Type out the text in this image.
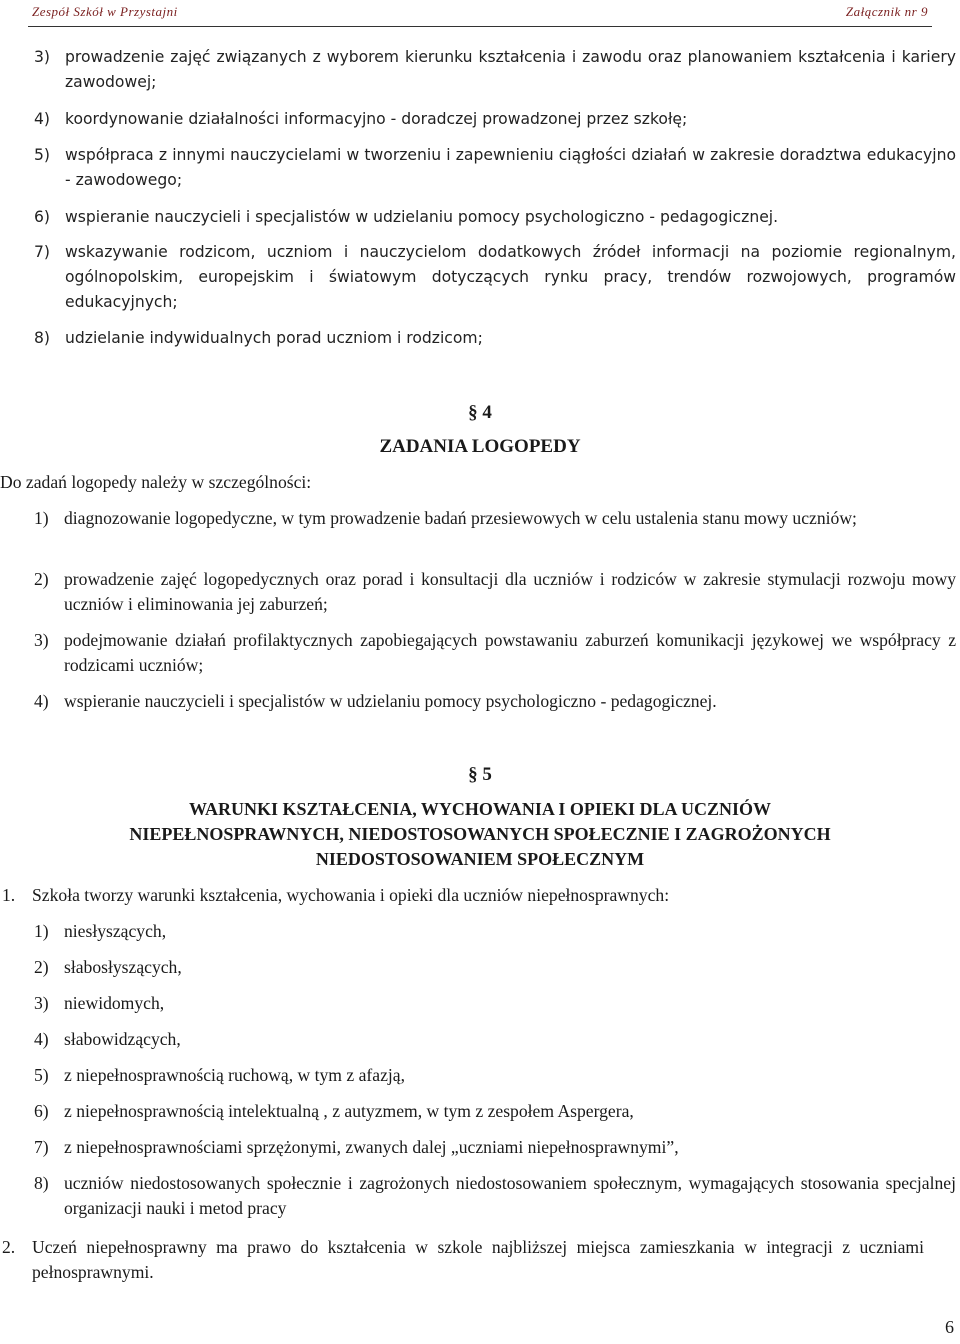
Zespół Szkół w Przystajni	Załącznik nr 9
3) prowadzenie zajęć związanych z wyborem kierunku kształcenia i zawodu oraz planowaniem kształcenia i kariery zawodowej;
4) koordynowanie działalności informacyjno - doradczej prowadzonej przez szkołę;
5) współpraca z innymi nauczycielami w tworzeniu i zapewnieniu ciągłości działań w zakresie doradztwa edukacyjno - zawodowego;
6) wspieranie nauczycieli i specjalistów w udzielaniu pomocy psychologiczno - pedagogicznej.
7) wskazywanie rodzicom, uczniom i nauczycielom dodatkowych źródeł informacji na poziomie regionalnym, ogólnopolskim, europejskim i światowym dotyczących rynku pracy, trendów rozwojowych, programów edukacyjnych;
8) udzielanie indywidualnych porad uczniom i rodzicom;
§ 4
ZADANIA LOGOPEDY
Do zadań logopedy należy w szczególności:
1) diagnozowanie logopedyczne, w tym prowadzenie badań przesiewowych w celu ustalenia stanu mowy uczniów;
2) prowadzenie zajęć logopedycznych oraz porad i konsultacji dla uczniów i rodziców w zakresie stymulacji rozwoju mowy uczniów i eliminowania jej zaburzeń;
3) podejmowanie działań profilaktycznych zapobiegających powstawaniu zaburzeń komunikacji językowej we współpracy z rodzicami uczniów;
4) wspieranie nauczycieli i specjalistów w udzielaniu pomocy psychologiczno - pedagogicznej.
§ 5
WARUNKI KSZTAŁCENIA, WYCHOWANIA I OPIEKI DLA UCZNIÓW
NIEPEŁNOSPRAWNYCH, NIEDOSTOSOWANYCH SPOŁECZNIE I ZAGROŻONYCH
NIEDOSTOSOWANIEM SPOŁECZNYM
1. Szkoła tworzy warunki kształcenia, wychowania i opieki dla uczniów niepełnosprawnych:
1) niesłyszących,
2) słabosłyszących,
3) niewidomych,
4) słabowidzących,
5) z niepełnosprawnością ruchową, w tym z afazją,
6) z niepełnosprawnością intelektualną , z autyzmem, w tym z zespołem Aspergera,
7) z niepełnosprawnościami sprzężonymi, zwanych dalej „uczniami niepełnosprawnymi”,
8) uczniów niedostosowanych społecznie i zagrożonych niedostosowaniem społecznym, wymagających stosowania specjalnej organizacji nauki i metod pracy
2. Uczeń niepełnosprawny ma prawo do kształcenia w szkole najbliższej miejsca zamieszkania w integracji z uczniami pełnosprawnymi.
6
